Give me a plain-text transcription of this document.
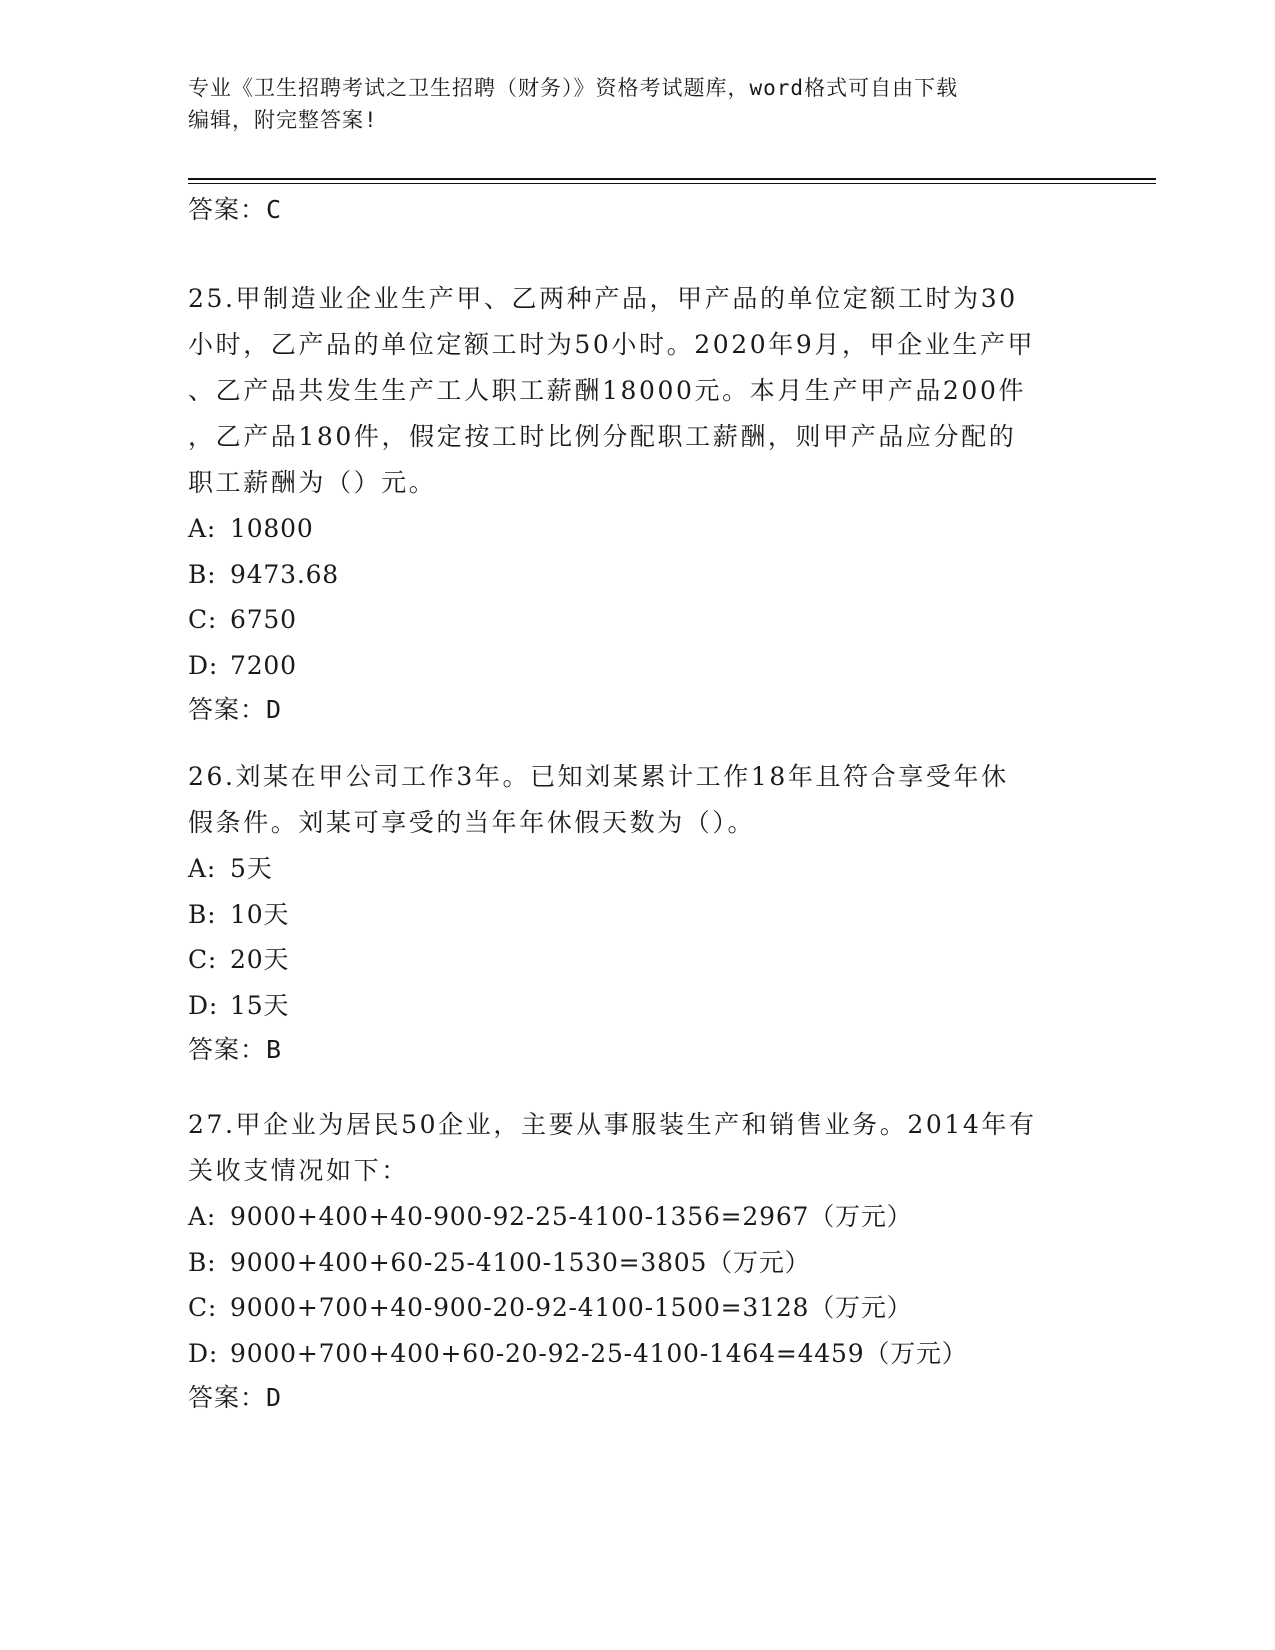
专业《卫生招聘考试之卫生招聘（财务）》资格考试题库，word格式可自由下载
编辑，附完整答案!
答案：C
25.甲制造业企业生产甲、乙两种产品，甲产品的单位定额工时为30
小时，乙产品的单位定额工时为50小时。2020年9月，甲企业生产甲
、乙产品共发生生产工人职工薪酬18000元。本月生产甲产品200件
，乙产品180件，假定按工时比例分配职工薪酬，则甲产品应分配的
职工薪酬为（）元。
A: 10800
B: 9473.68
C: 6750
D: 7200
答案：D
26.刘某在甲公司工作3年。已知刘某累计工作18年且符合享受年休
假条件。刘某可享受的当年年休假天数为（）。
A: 5天
B: 10天
C: 20天
D: 15天
答案：B
27.甲企业为居民50企业，主要从事服装生产和销售业务。2014年有
关收支情况如下：
A: 9000+400+40-900-92-25-4100-1356=2967（万元）
B: 9000+400+60-25-4100-1530=3805（万元）
C: 9000+700+40-900-20-92-4100-1500=3128（万元）
D: 9000+700+400+60-20-92-25-4100-1464=4459（万元）
答案：D
